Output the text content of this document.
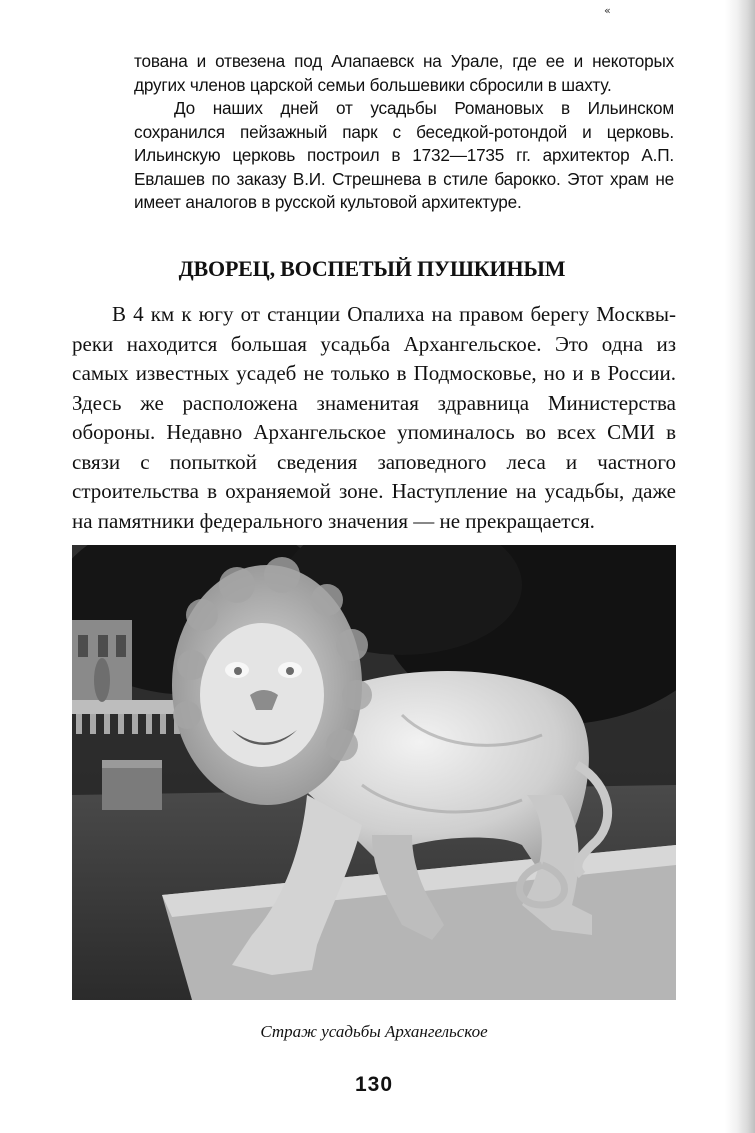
«

тована и отвезена под Алапаевск на Урале, где ее и некоторых других членов царской семьи большевики сбросили в шахту.

До наших дней от усадьбы Романовых в Ильинском сохранился пейзажный парк с беседкой-ротондой и церковь. Ильинскую церковь построил в 1732—1735 гг. архитектор А.П. Евлашев по заказу В.И. Стрешнева в стиле барокко. Этот храм не имеет аналогов в русской культовой архитектуре.

ДВОРЕЦ, ВОСПЕТЫЙ ПУШКИНЫМ

В 4 км к югу от станции Опалиха на правом берегу Москвы-реки находится большая усадьба Архангельское. Это одна из самых известных усадеб не только в Подмосковье, но и в России. Здесь же расположена знаменитая здравница Министерства обороны. Недавно Архангельское упоминалось во всех СМИ в связи с попыткой сведения заповедного леса и частного строительства в охраняемой зоне. Наступление на усадьбы, даже на памятники федерального значения — не прекращается.

Страж усадьбы Архангельское
130
